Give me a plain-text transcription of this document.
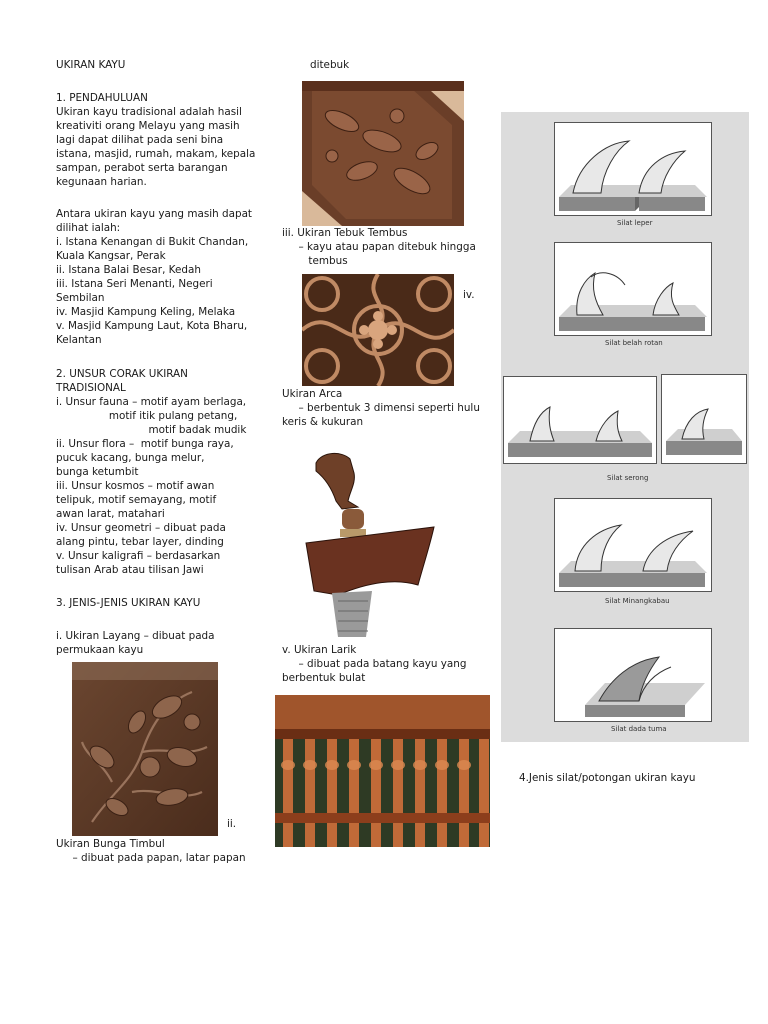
UKIRAN KAYU
1. PENDAHULUAN
Ukiran kayu tradisional adalah hasil
kreativiti orang Melayu yang masih
lagi dapat dilihat pada seni bina
istana, masjid, rumah, makam, kepala
sampan, perabot serta barangan
kegunaan harian.
Antara ukiran kayu yang masih dapat
dilihat ialah:
i. Istana Kenangan di Bukit Chandan,
Kuala Kangsar, Perak
ii. Istana Balai Besar, Kedah
iii. Istana Seri Menanti, Negeri
Sembilan
iv. Masjid Kampung Keling, Melaka
v. Masjid Kampung Laut, Kota Bharu,
Kelantan
2. UNSUR CORAK UKIRAN
TRADISIONAL
i. Unsur fauna – motif ayam berlaga,
motif itik pulang petang,
motif badak mudik
ii. Unsur flora –  motif bunga raya,
pucuk kacang, bunga melur,
bunga ketumbit
iii. Unsur kosmos – motif awan
telipuk, motif semayang, motif
awan larat, matahari
iv. Unsur geometri – dibuat pada
alang pintu, tebar layer, dinding
v. Unsur kaligrafi – berdasarkan
tulisan Arab atau tilisan Jawi
3. JENIS-JENIS UKIRAN KAYU
i. Ukiran Layang – dibuat pada
permukaan kayu
ii.
Ukiran Bunga Timbul
– dibuat pada papan, latar papan
ditebuk
iii. Ukiran Tebuk Tembus
– kayu atau papan ditebuk hingga
tembus
iv.
Ukiran Arca
– berbentuk 3 dimensi seperti hulu
keris & kukuran
v. Ukiran Larik
– dibuat pada batang kayu yang
berbentuk bulat
Silat leper
Silat belah rotan
Silat serong
Silat Minangkabau
Silat dada tuma
4.Jenis silat/potongan ukiran kayu
